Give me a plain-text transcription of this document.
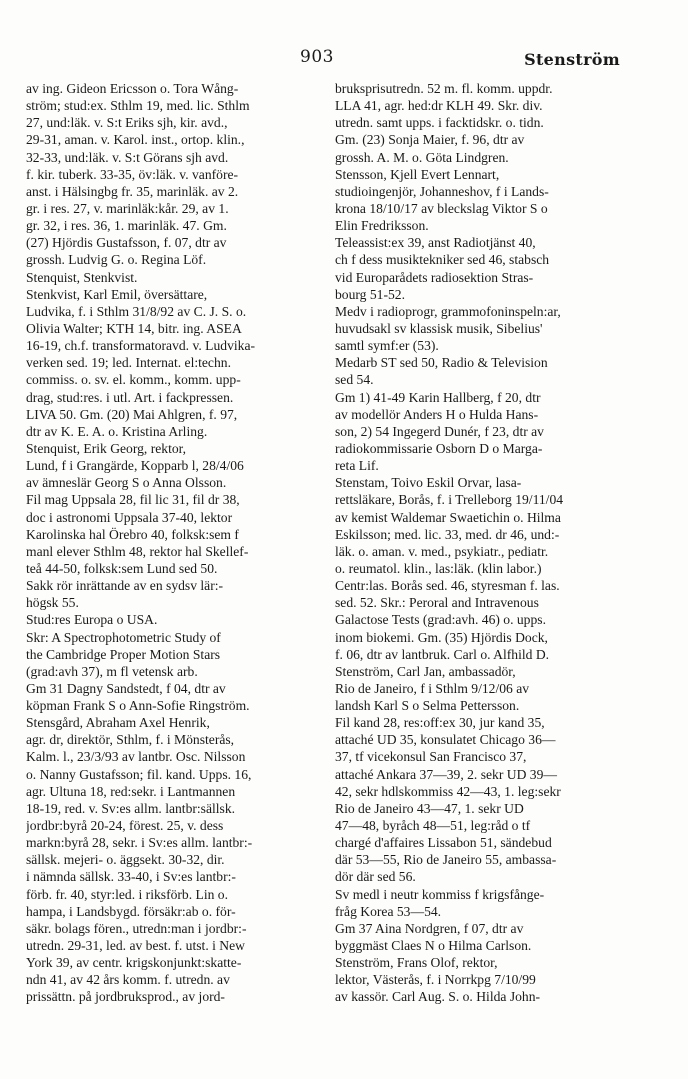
903	Stenström
av ing. Gideon Ericsson o. Tora Wång-
ström; stud:ex. Sthlm 19, med. lic. Sthlm
27, und:läk. v. S:t Eriks sjh, kir. avd.,
29-31, aman. v. Karol. inst., ortop. klin.,
32-33, und:läk. v. S:t Görans sjh avd.
f. kir. tuberk. 33-35, öv:läk. v. vanföre-
anst. i Hälsingbg fr. 35, marinläk. av 2.
gr. i res. 27, v. marinläk:kår. 29, av 1.
gr. 32, i res. 36, 1. marinläk. 47. Gm.
(27) Hjördis Gustafsson, f. 07, dtr av
grossh. Ludvig G. o. Regina Löf.
Stenquist, Stenkvist.
Stenkvist, Karl Emil, översättare,
Ludvika, f. i Sthlm 31/8/92 av C. J. S. o.
Olivia Walter; KTH 14, bitr. ing. ASEA
16-19, ch.f. transformatoravd. v. Ludvika-
verken sed. 19; led. Internat. el:techn.
commiss. o. sv. el. komm., komm. upp-
drag, stud:res. i utl. Art. i fackpressen.
LIVA 50. Gm. (20) Mai Ahlgren, f. 97,
dtr av K. E. A. o. Kristina Arling.
Stenquist, Erik Georg, rektor,
Lund, f i Grangärde, Kopparb l, 28/4/06
av ämneslär Georg S o Anna Olsson.
Fil mag Uppsala 28, fil lic 31, fil dr 38,
doc i astronomi Uppsala 37-40, lektor
Karolinska hal Örebro 40, folksk:sem f
manl elever Sthlm 48, rektor hal Skellef-
teå 44-50, folksk:sem Lund sed 50.
Sakk rör inrättande av en sydsv lär:-
högsk 55.
Stud:res Europa o USA.
Skr: A Spectrophotometric Study of
the Cambridge Proper Motion Stars
(grad:avh 37), m fl vetensk arb.
Gm 31 Dagny Sandstedt, f 04, dtr av
köpman Frank S o Ann-Sofie Ringström.
Stensgård, Abraham Axel Henrik,
agr. dr, direktör, Sthlm, f. i Mönsterås,
Kalm. l., 23/3/93 av lantbr. Osc. Nilsson
o. Nanny Gustafsson; fil. kand. Upps. 16,
agr. Ultuna 18, red:sekr. i Lantmannen
18-19, red. v. Sv:es allm. lantbr:sällsk.
jordbr:byrå 20-24, förest. 25, v. dess
markn:byrå 28, sekr. i Sv:es allm. lantbr:-
sällsk. mejeri- o. äggsekt. 30-32, dir.
i nämnda sällsk. 33-40, i Sv:es lantbr:-
förb. fr. 40, styr:led. i riksförb. Lin o.
hampa, i Landsbygd. försäkr:ab o. för-
säkr. bolags fören., utredn:man i jordbr:-
utredn. 29-31, led. av best. f. utst. i New
York 39, av centr. krigskonjunkt:skatte-
ndn 41, av 42 års komm. f. utredn. av
prissättn. på jordbruksprod., av jord-
bruksprisutredn. 52 m. fl. komm. uppdr.
LLA 41, agr. hed:dr KLH 49. Skr. div.
utredn. samt upps. i facktidskr. o. tidn.
Gm. (23) Sonja Maier, f. 96, dtr av
grossh. A. M. o. Göta Lindgren.
Stensson, Kjell Evert Lennart,
studioingenjör, Johanneshov, f i Lands-
krona 18/10/17 av bleckslag Viktor S o
Elin Fredriksson.
Teleassist:ex 39, anst Radiotjänst 40,
ch f dess musiktekniker sed 46, stabsch
vid Europarådets radiosektion Stras-
bourg 51-52.
Medv i radioprogr, grammofoninspeln:ar,
huvudsakl sv klassisk musik, Sibelius'
samtl symf:er (53).
Medarb ST sed 50, Radio & Television
sed 54.
Gm 1) 41-49 Karin Hallberg, f 20, dtr
av modellör Anders H o Hulda Hans-
son, 2) 54 Ingegerd Dunér, f 23, dtr av
radiokommissarie Osborn D o Marga-
reta Lif.
Stenstam, Toivo Eskil Orvar, lasa-
rettsläkare, Borås, f. i Trelleborg 19/11/04
av kemist Waldemar Swaetichin o. Hilma
Eskilsson; med. lic. 33, med. dr 46, und:-
läk. o. aman. v. med., psykiatr., pediatr.
o. reumatol. klin., las:läk. (klin labor.)
Centr:las. Borås sed. 46, styresman f. las.
sed. 52. Skr.: Peroral and Intravenous
Galactose Tests (grad:avh. 46) o. upps.
inom biokemi. Gm. (35) Hjördis Dock,
f. 06, dtr av lantbruk. Carl o. Alfhild D.
Stenström, Carl Jan, ambassadör,
Rio de Janeiro, f i Sthlm 9/12/06 av
landsh Karl S o Selma Pettersson.
Fil kand 28, res:off:ex 30, jur kand 35,
attaché UD 35, konsulatet Chicago 36—
37, tf vicekonsul San Francisco 37,
attaché Ankara 37—39, 2. sekr UD 39—
42, sekr hdlskommiss 42—43, 1. leg:sekr
Rio de Janeiro 43—47, 1. sekr UD
47—48, byråch 48—51, leg:råd o tf
chargé d'affaires Lissabon 51, sändebud
där 53—55, Rio de Janeiro 55, ambassa-
dör där sed 56.
Sv medl i neutr kommiss f krigsfånge-
fråg Korea 53—54.
Gm 37 Aina Nordgren, f 07, dtr av
byggmäst Claes N o Hilma Carlson.
Stenström, Frans Olof, rektor,
lektor, Västerås, f. i Norrkpg 7/10/99
av kassör. Carl Aug. S. o. Hilda John-
